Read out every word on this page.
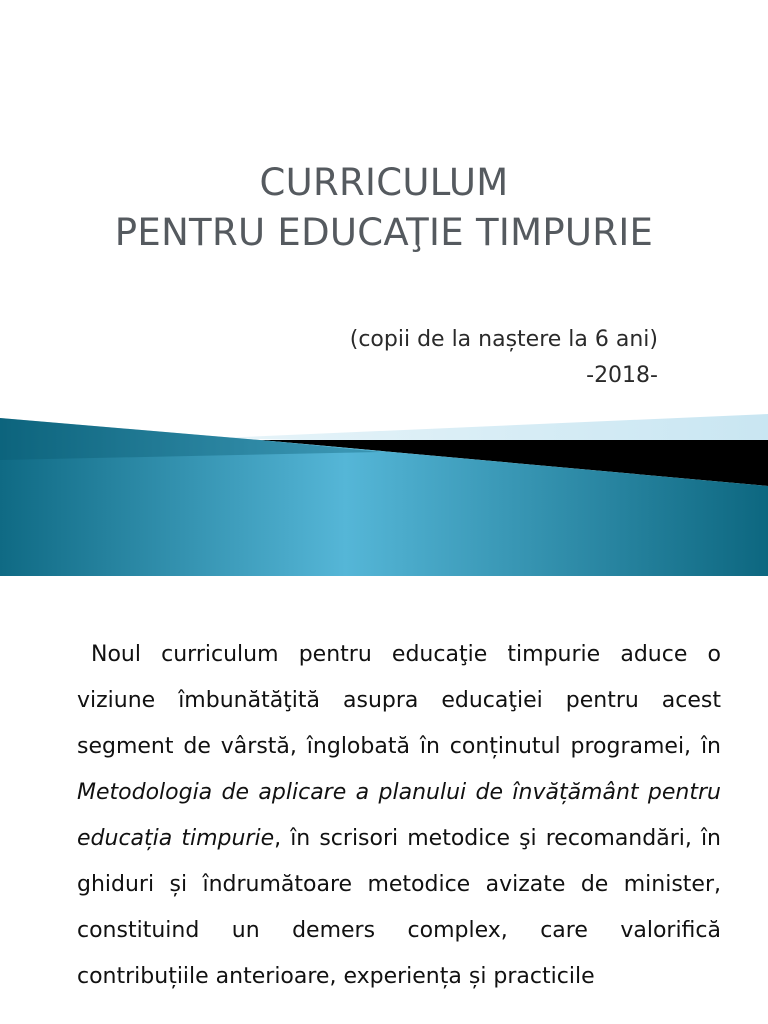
CURRICULUM
PENTRU EDUCAŢIE TIMPURIE
(copii de la naștere la 6 ani)
-2018-
Noul curriculum pentru educaţie timpurie aduce o viziune îmbunătăţită asupra educaţiei pentru acest segment de vârstă, înglobată în conținutul programei, în Metodologia de aplicare a planului de învățământ pentru educația timpurie, în scrisori metodice şi recomandări, în ghiduri și îndrumătoare metodice avizate de minister, constituind un demers complex, care valorifică contribuțiile anterioare, experiența și practicile
